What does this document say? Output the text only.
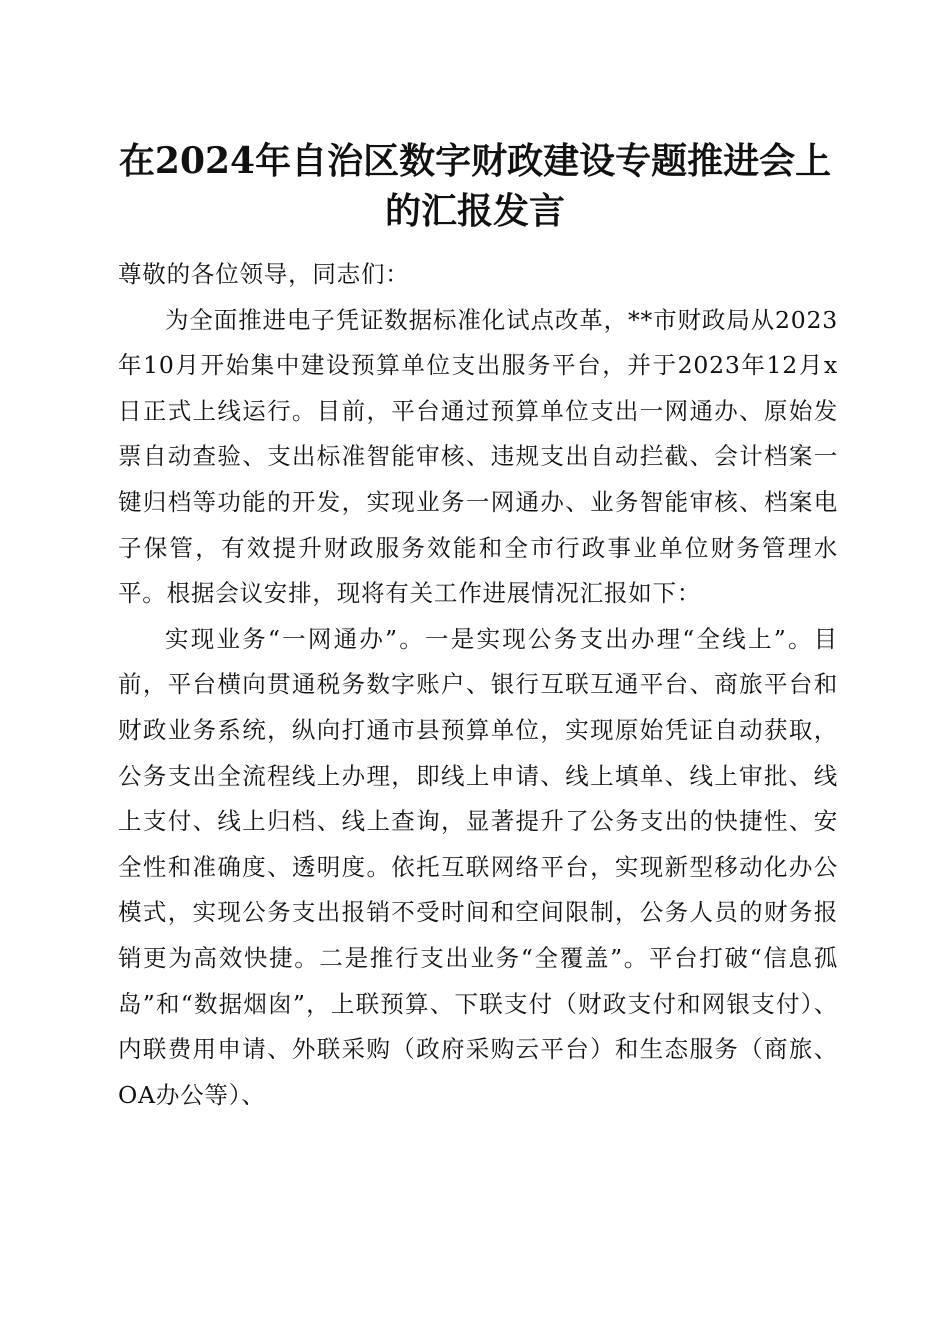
在2024年自治区数字财政建设专题推进会上
的汇报发言

尊敬的各位领导，同志们：

为全面推进电子凭证数据标准化试点改革，**市财政局从2023年10月开始集中建设预算单位支出服务平台，并于2023年12月x日正式上线运行。目前，平台通过预算单位支出一网通办、原始发票自动查验、支出标准智能审核、违规支出自动拦截、会计档案一键归档等功能的开发，实现业务一网通办、业务智能审核、档案电子保管，有效提升财政服务效能和全市行政事业单位财务管理水平。根据会议安排，现将有关工作进展情况汇报如下：

实现业务“一网通办”。一是实现公务支出办理“全线上”。目前，平台横向贯通税务数字账户、银行互联互通平台、商旅平台和财政业务系统，纵向打通市县预算单位，实现原始凭证自动获取，公务支出全流程线上办理，即线上申请、线上填单、线上审批、线上支付、线上归档、线上查询，显著提升了公务支出的快捷性、安全性和准确度、透明度。依托互联网络平台，实现新型移动化办公模式，实现公务支出报销不受时间和空间限制，公务人员的财务报销更为高效快捷。二是推行支出业务“全覆盖”。平台打破“信息孤岛”和“数据烟囱”，上联预算、下联支付（财政支付和网银支付）、内联费用申请、外联采购（政府采购云平台）和生态服务（商旅、OA办公等）、
